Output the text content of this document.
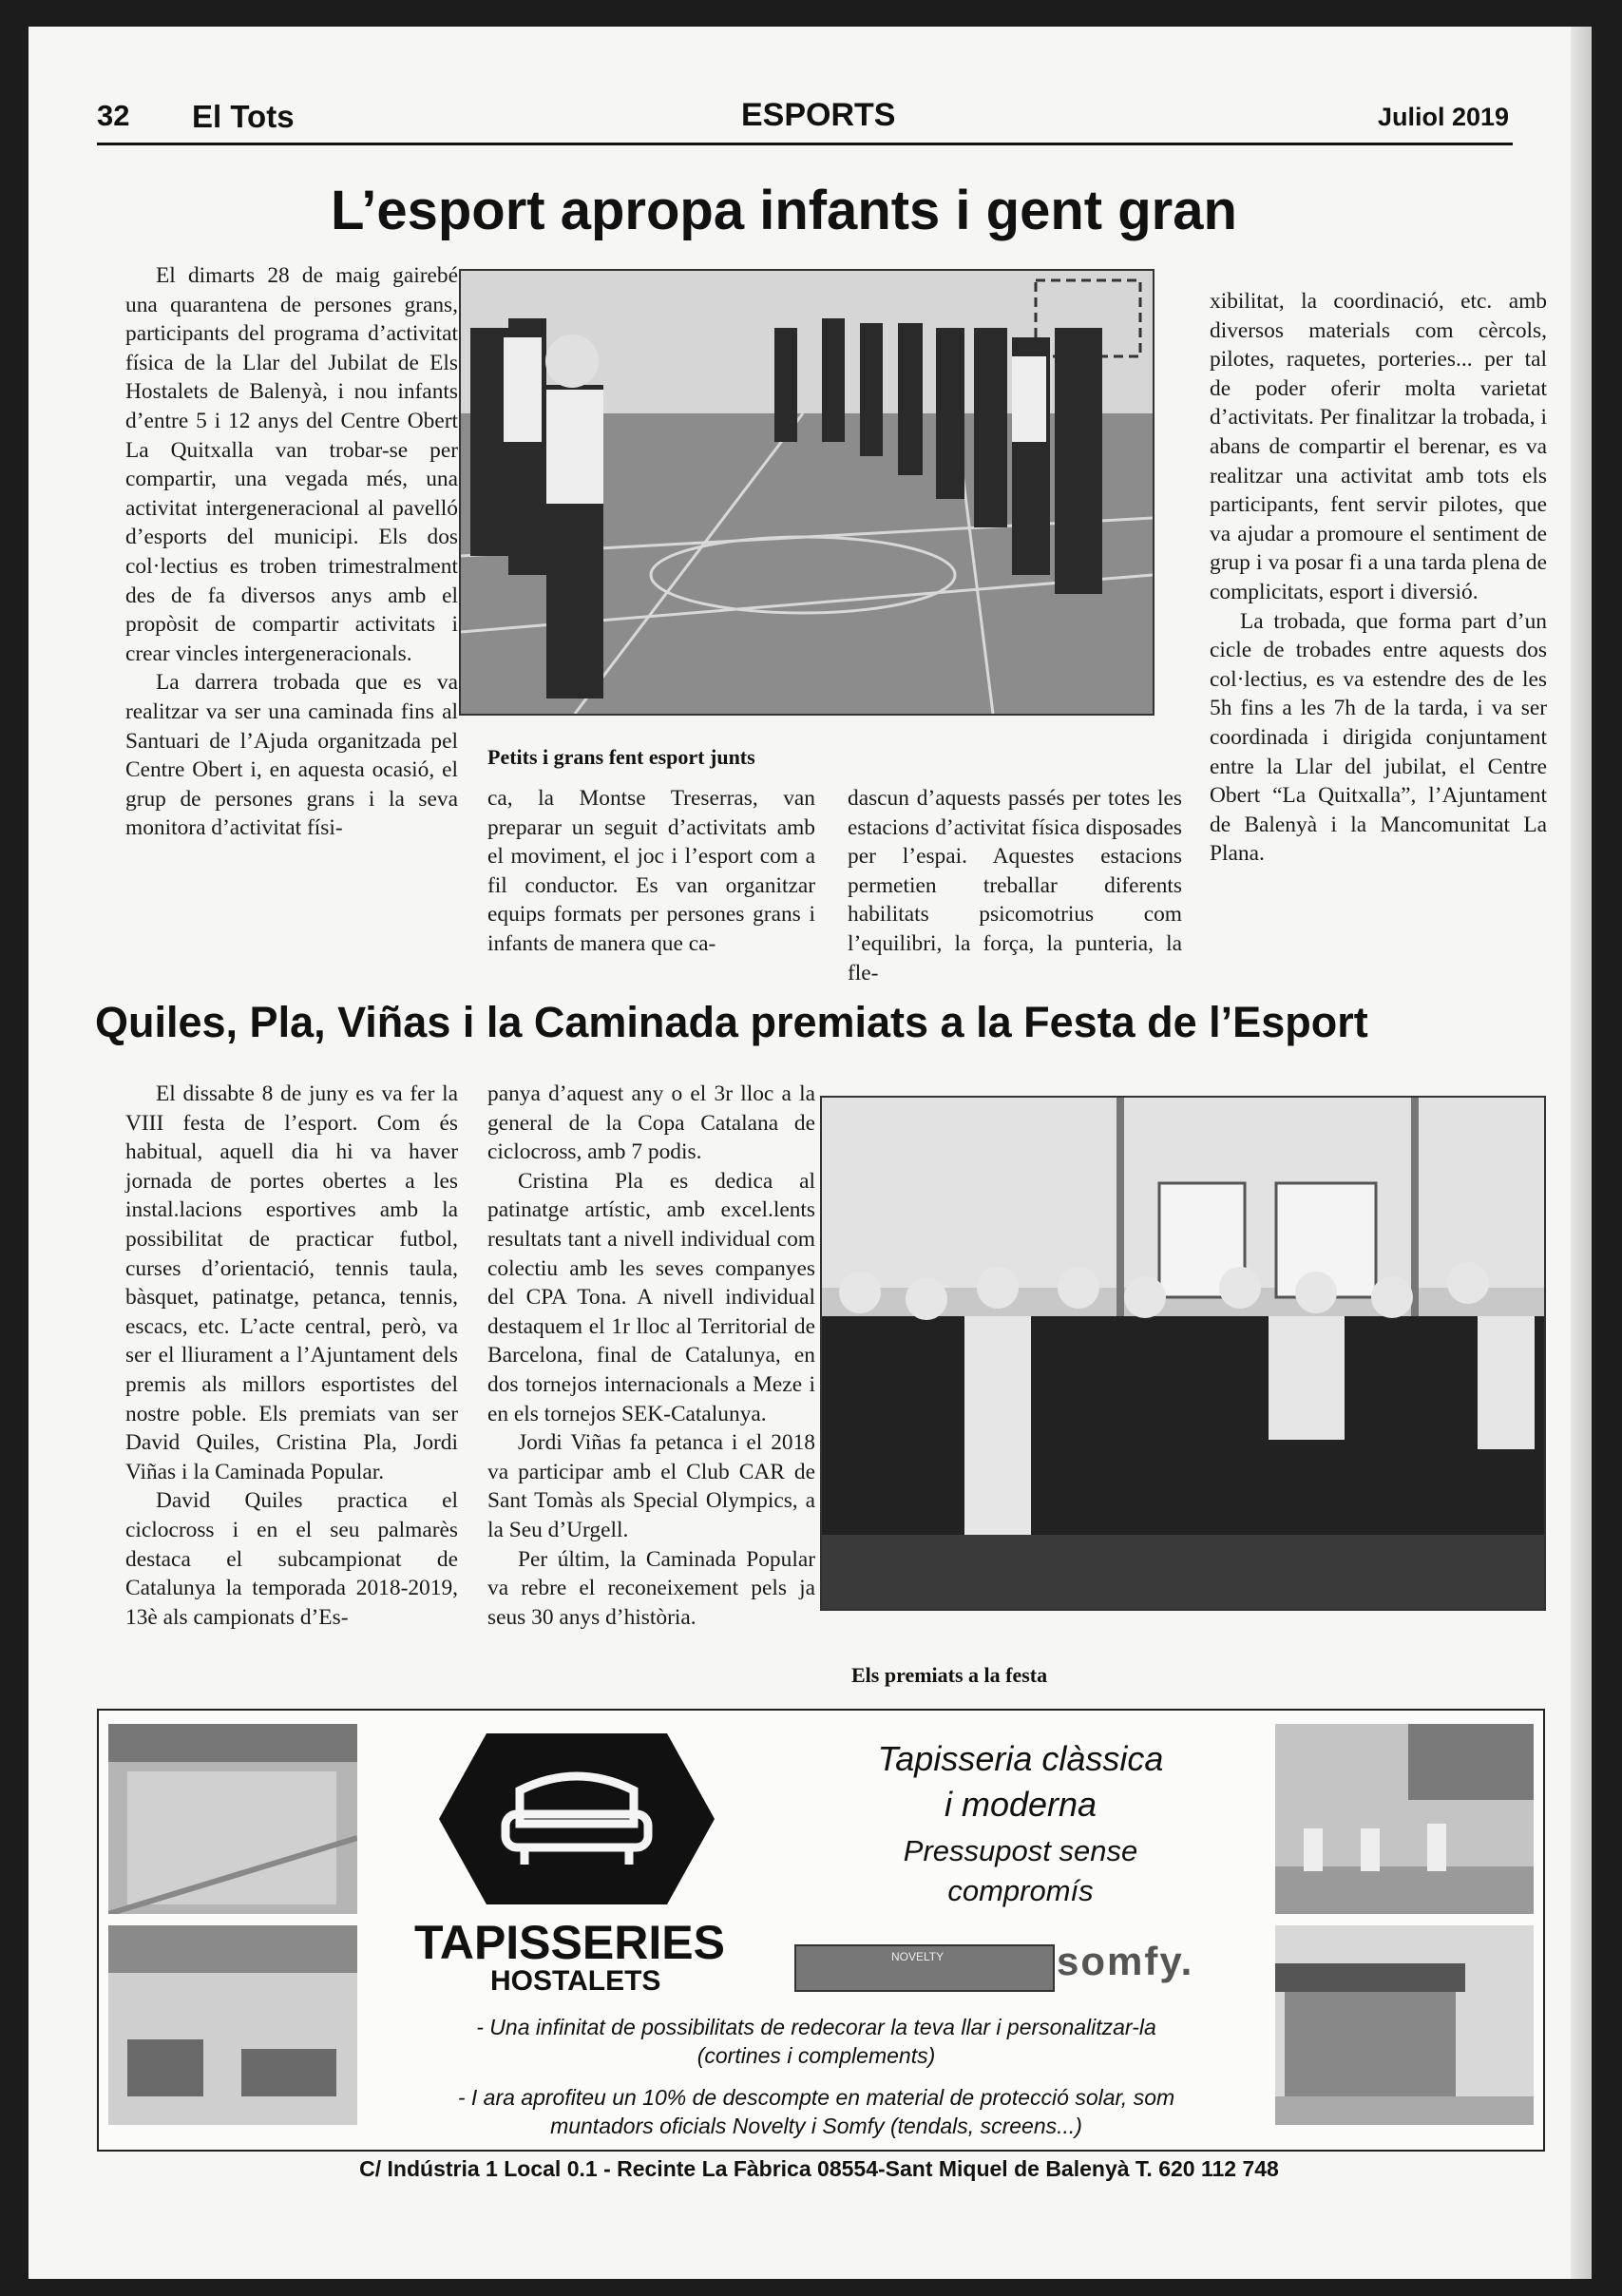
32 El Tots	ESPORTS	Juliol 2019
L’esport apropa infants i gent gran

El dimarts 28 de maig gairebé una quarantena de persones grans, participants del programa d’activitat física de la Llar del Jubilat de Els Hostalets de Balenyà, i nou infants d’entre 5 i 12 anys del Centre Obert La Quitxalla van trobar-se per compartir, una vegada més, una activitat intergeneracional al pavelló d’esports del municipi. Els dos col·lectius es troben trimestralment des de fa diversos anys amb el propòsit de compartir activitats i crear vincles intergeneracionals.

La darrera trobada que es va realitzar va ser una caminada fins al Santuari de l’Ajuda organitzada pel Centre Obert i, en aquesta ocasió, el grup de persones grans i la seva monitora d’activitat físi-

Petits i grans fent esport junts

ca, la Montse Treserras, van preparar un seguit d’activitats amb el moviment, el joc i l’esport com a fil conductor. Es van organitzar equips formats per persones grans i infants de manera que ca-

dascun d’aquests passés per totes les estacions d’activitat física disposades per l’espai. Aquestes estacions permetien treballar diferents habilitats psicomotrius com l’equilibri, la força, la punteria, la fle-

xibilitat, la coordinació, etc. amb diversos materials com cèrcols, pilotes, raquetes, porteries... per tal de poder oferir molta varietat d’activitats. Per finalitzar la trobada, i abans de compartir el berenar, es va realitzar una activitat amb tots els participants, fent servir pilotes, que va ajudar a promoure el sentiment de grup i va posar fi a una tarda plena de complicitats, esport i diversió.

La trobada, que forma part d’un cicle de trobades entre aquests dos col·lectius, es va estendre des de les 5h fins a les 7h de la tarda, i va ser coordinada i dirigida conjuntament entre la Llar del jubilat, el Centre Obert “La Quitxalla”, l’Ajuntament de Balenyà i la Mancomunitat La Plana.

Quiles, Pla, Viñas i la Caminada premiats a la Festa de l’Esport

El dissabte 8 de juny es va fer la VIII festa de l’esport. Com és habitual, aquell dia hi va haver jornada de portes obertes a les instal.lacions esportives amb la possibilitat de practicar futbol, curses d’orientació, tennis taula, bàsquet, patinatge, petanca, tennis, escacs, etc. L’acte central, però, va ser el lliurament a l’Ajuntament dels premis als millors esportistes del nostre poble. Els premiats van ser David Quiles, Cristina Pla, Jordi Viñas i la Caminada Popular.

David Quiles practica el ciclocross i en el seu palmarès destaca el subcampionat de Catalunya la temporada 2018-2019, 13è als campionats d’Es-

panya d’aquest any o el 3r lloc a la general de la Copa Catalana de ciclocross, amb 7 podis.

Cristina Pla es dedica al patinatge artístic, amb excel.lents resultats tant a nivell individual com colectiu amb les seves companyes del CPA Tona. A nivell individual destaquem el 1r lloc al Territorial de Barcelona, final de Catalunya, en dos tornejos internacionals a Meze i en els tornejos SEK-Catalunya.

Jordi Viñas fa petanca i el 2018 va participar amb el Club CAR de Sant Tomàs als Special Olympics, a la Seu d’Urgell.

Per últim, la Caminada Popular va rebre el reconeixement pels ja seus 30 anys d’història.

Els premiats a la festa
TAPISSERIES
HOSTALETS
Tapisseria clàssica
i moderna
Pressupost sense
compromís
NOVELTY	somfy.
- Una infinitat de possibilitats de redecorar la teva llar i personalitzar-la
(cortines i complements)
- I ara aprofiteu un 10% de descompte en material de protecció solar, som
muntadors oficials Novelty i Somfy (tendals, screens...)
C/ Indústria 1 Local 0.1 - Recinte La Fàbrica 08554-Sant Miquel de Balenyà T. 620 112 748
